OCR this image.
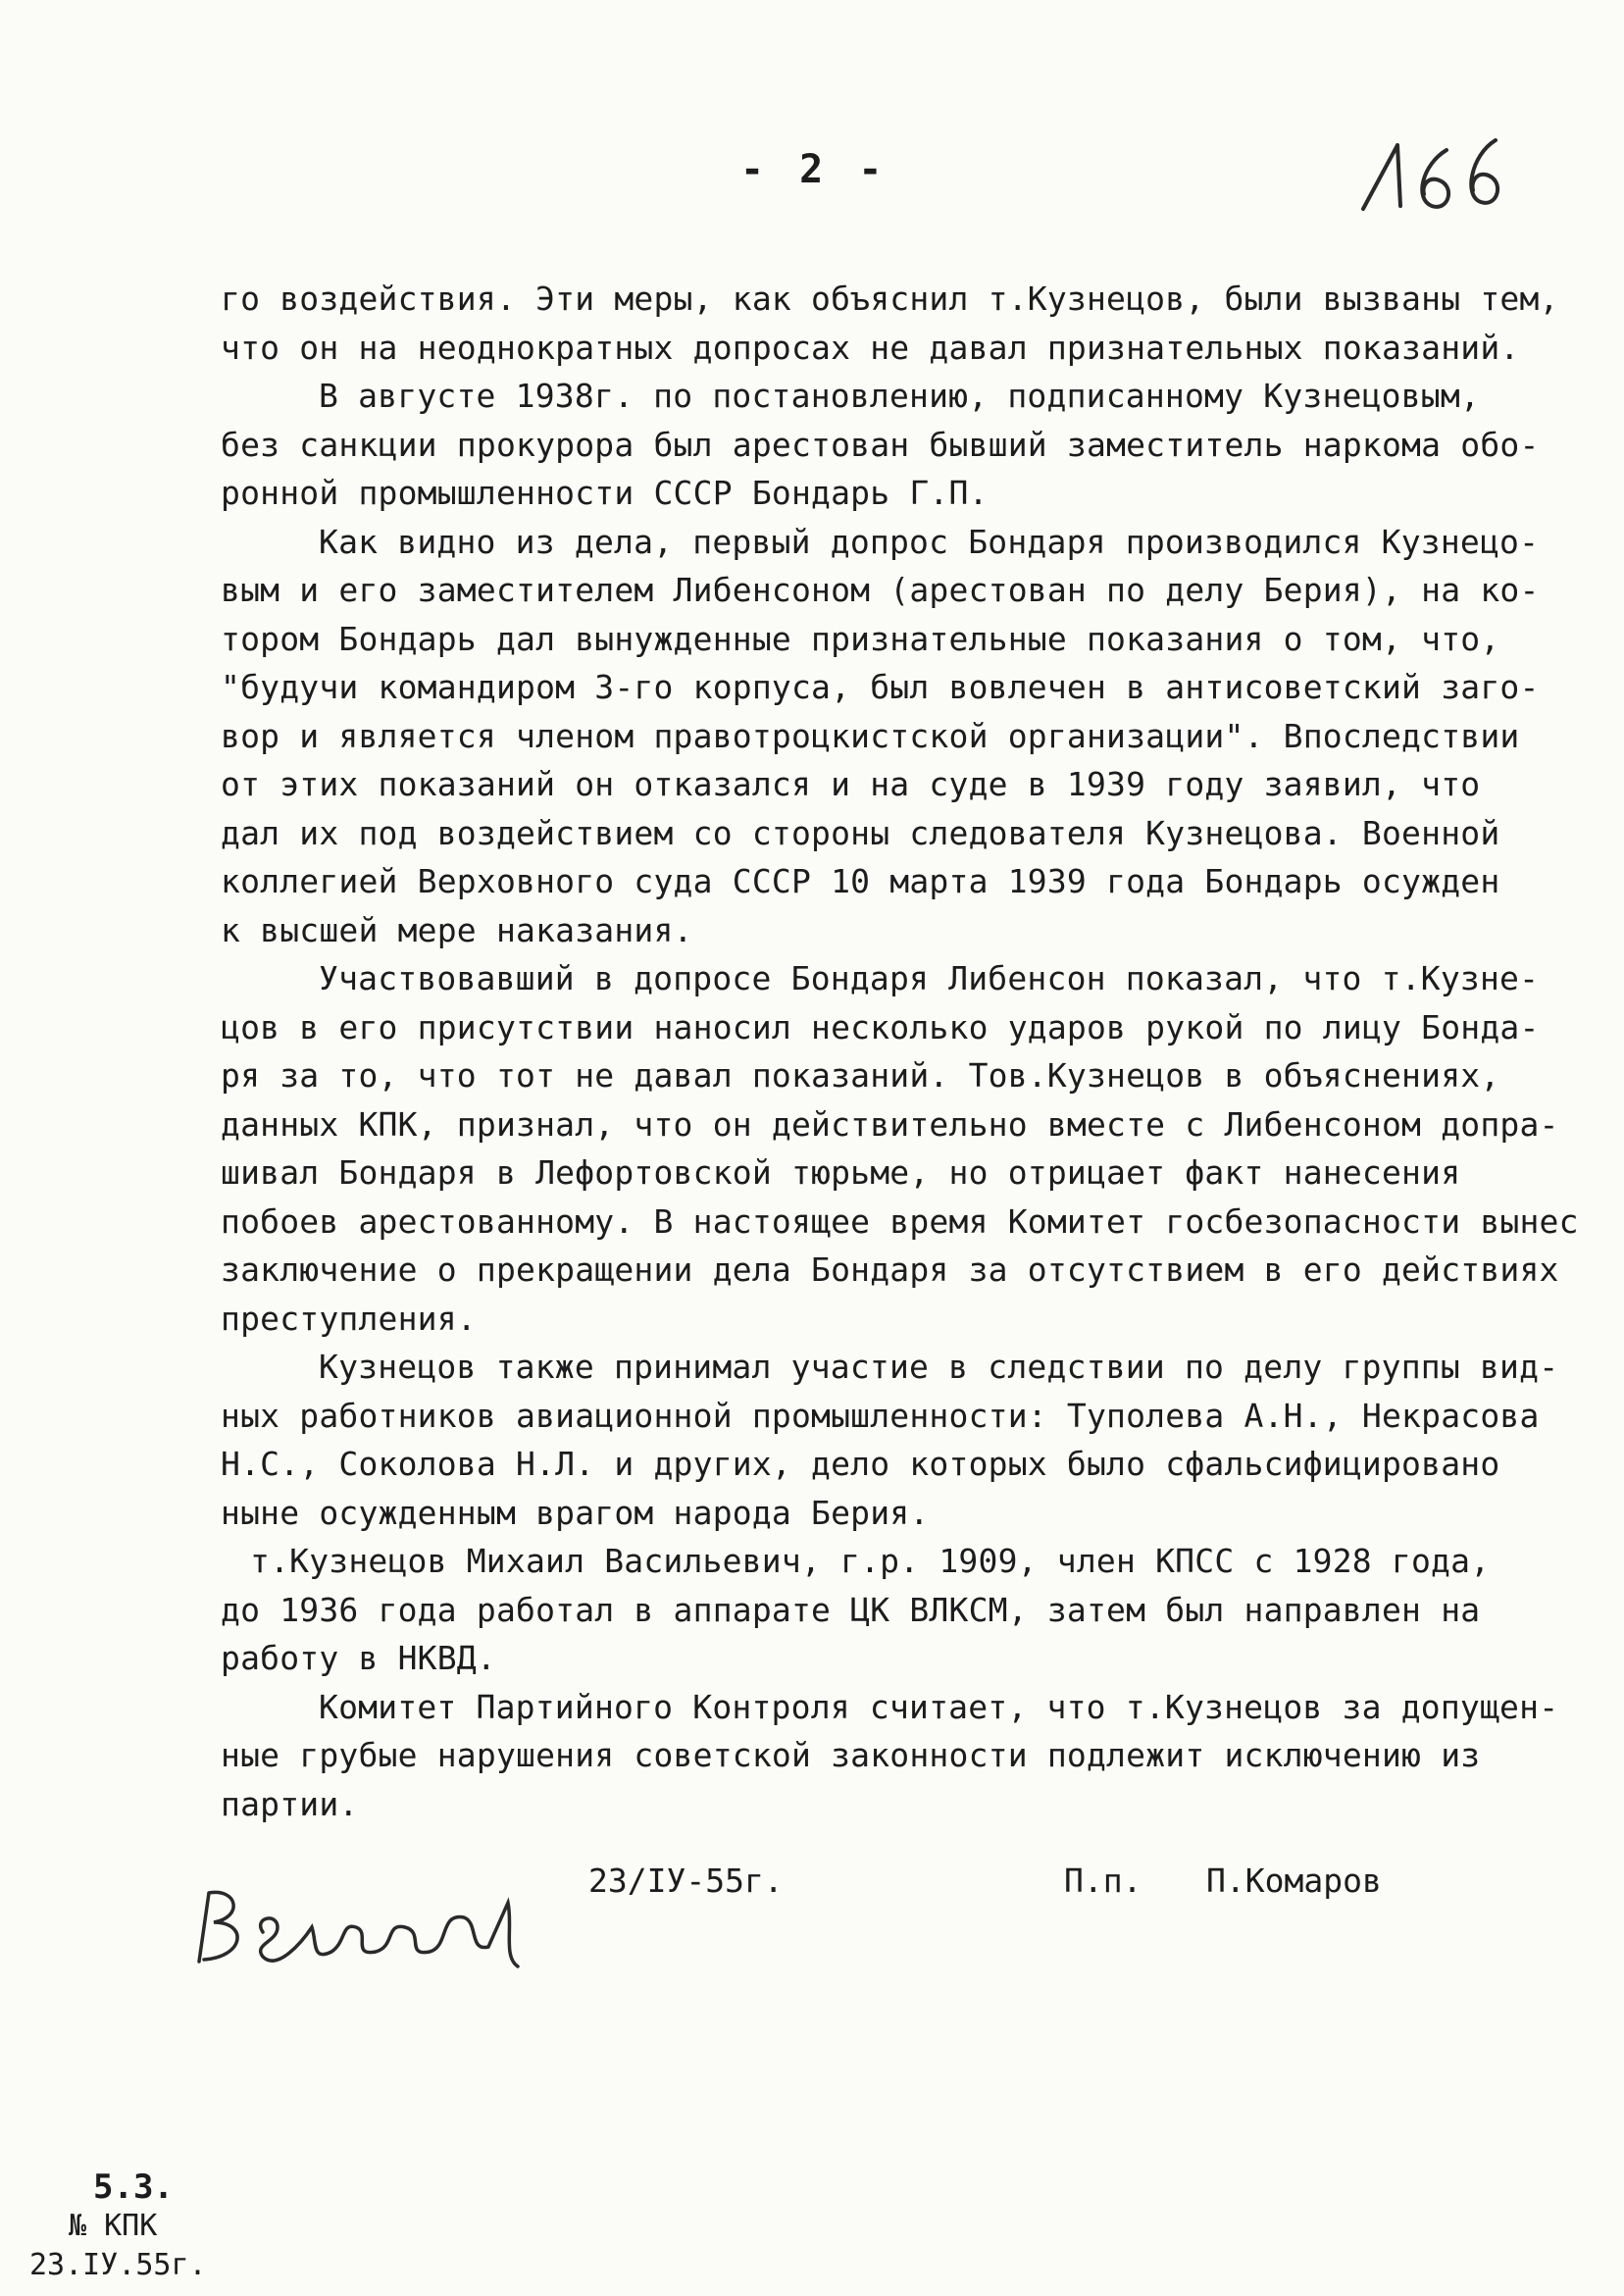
- 2 -
го воздействия. Эти меры, как объяснил т.Кузнецов, были вызваны тем,
что он на неоднократных допросах не давал признательных показаний.
В августе 1938г. по постановлению, подписанному Кузнецовым,
без санкции прокурора был арестован бывший заместитель наркома обо-
ронной промышленности СССР Бондарь Г.П.
Как видно из дела, первый допрос Бондаря производился Кузнецо-
вым и его заместителем Либенсоном (арестован по делу Берия), на ко-
тором Бондарь дал вынужденные признательные показания о том, что,
"будучи командиром 3-го корпуса, был вовлечен в антисоветский заго-
вор и является членом правотроцкистской организации". Впоследствии
от этих показаний он отказался и на суде в 1939 году заявил, что
дал их под воздействием со стороны следователя Кузнецова. Военной
коллегией Верховного суда СССР 10 марта 1939 года Бондарь осужден
к высшей мере наказания.
Участвовавший в допросе Бондаря Либенсон показал, что т.Кузне-
цов в его присутствии наносил несколько ударов рукой по лицу Бонда-
ря за то, что тот не давал показаний. Тов.Кузнецов в объяснениях,
данных КПК, признал, что он действительно вместе с Либенсоном допра-
шивал Бондаря в Лефортовской тюрьме, но отрицает факт нанесения
побоев арестованному. В настоящее время Комитет госбезопасности вынес
заключение о прекращении дела Бондаря за отсутствием в его действиях
преступления.
Кузнецов также принимал участие в следствии по делу группы вид-
ных работников авиационной промышленности: Туполева А.Н., Некрасова
Н.С., Соколова Н.Л. и других, дело которых было сфальсифицировано
ныне осужденным врагом народа Берия.
т.Кузнецов Михаил Васильевич, г.р. 1909, член КПСС с 1928 года,
до 1936 года работал в аппарате ЦК ВЛКСМ, затем был направлен на
работу в НКВД.
Комитет Партийного Контроля считает, что т.Кузнецов за допущен-
ные грубые нарушения советской законности подлежит исключению из
партии.
23/IУ-55г.	П.п. П.Комаров
5.3.
№ КПК
23.IУ.55г.
